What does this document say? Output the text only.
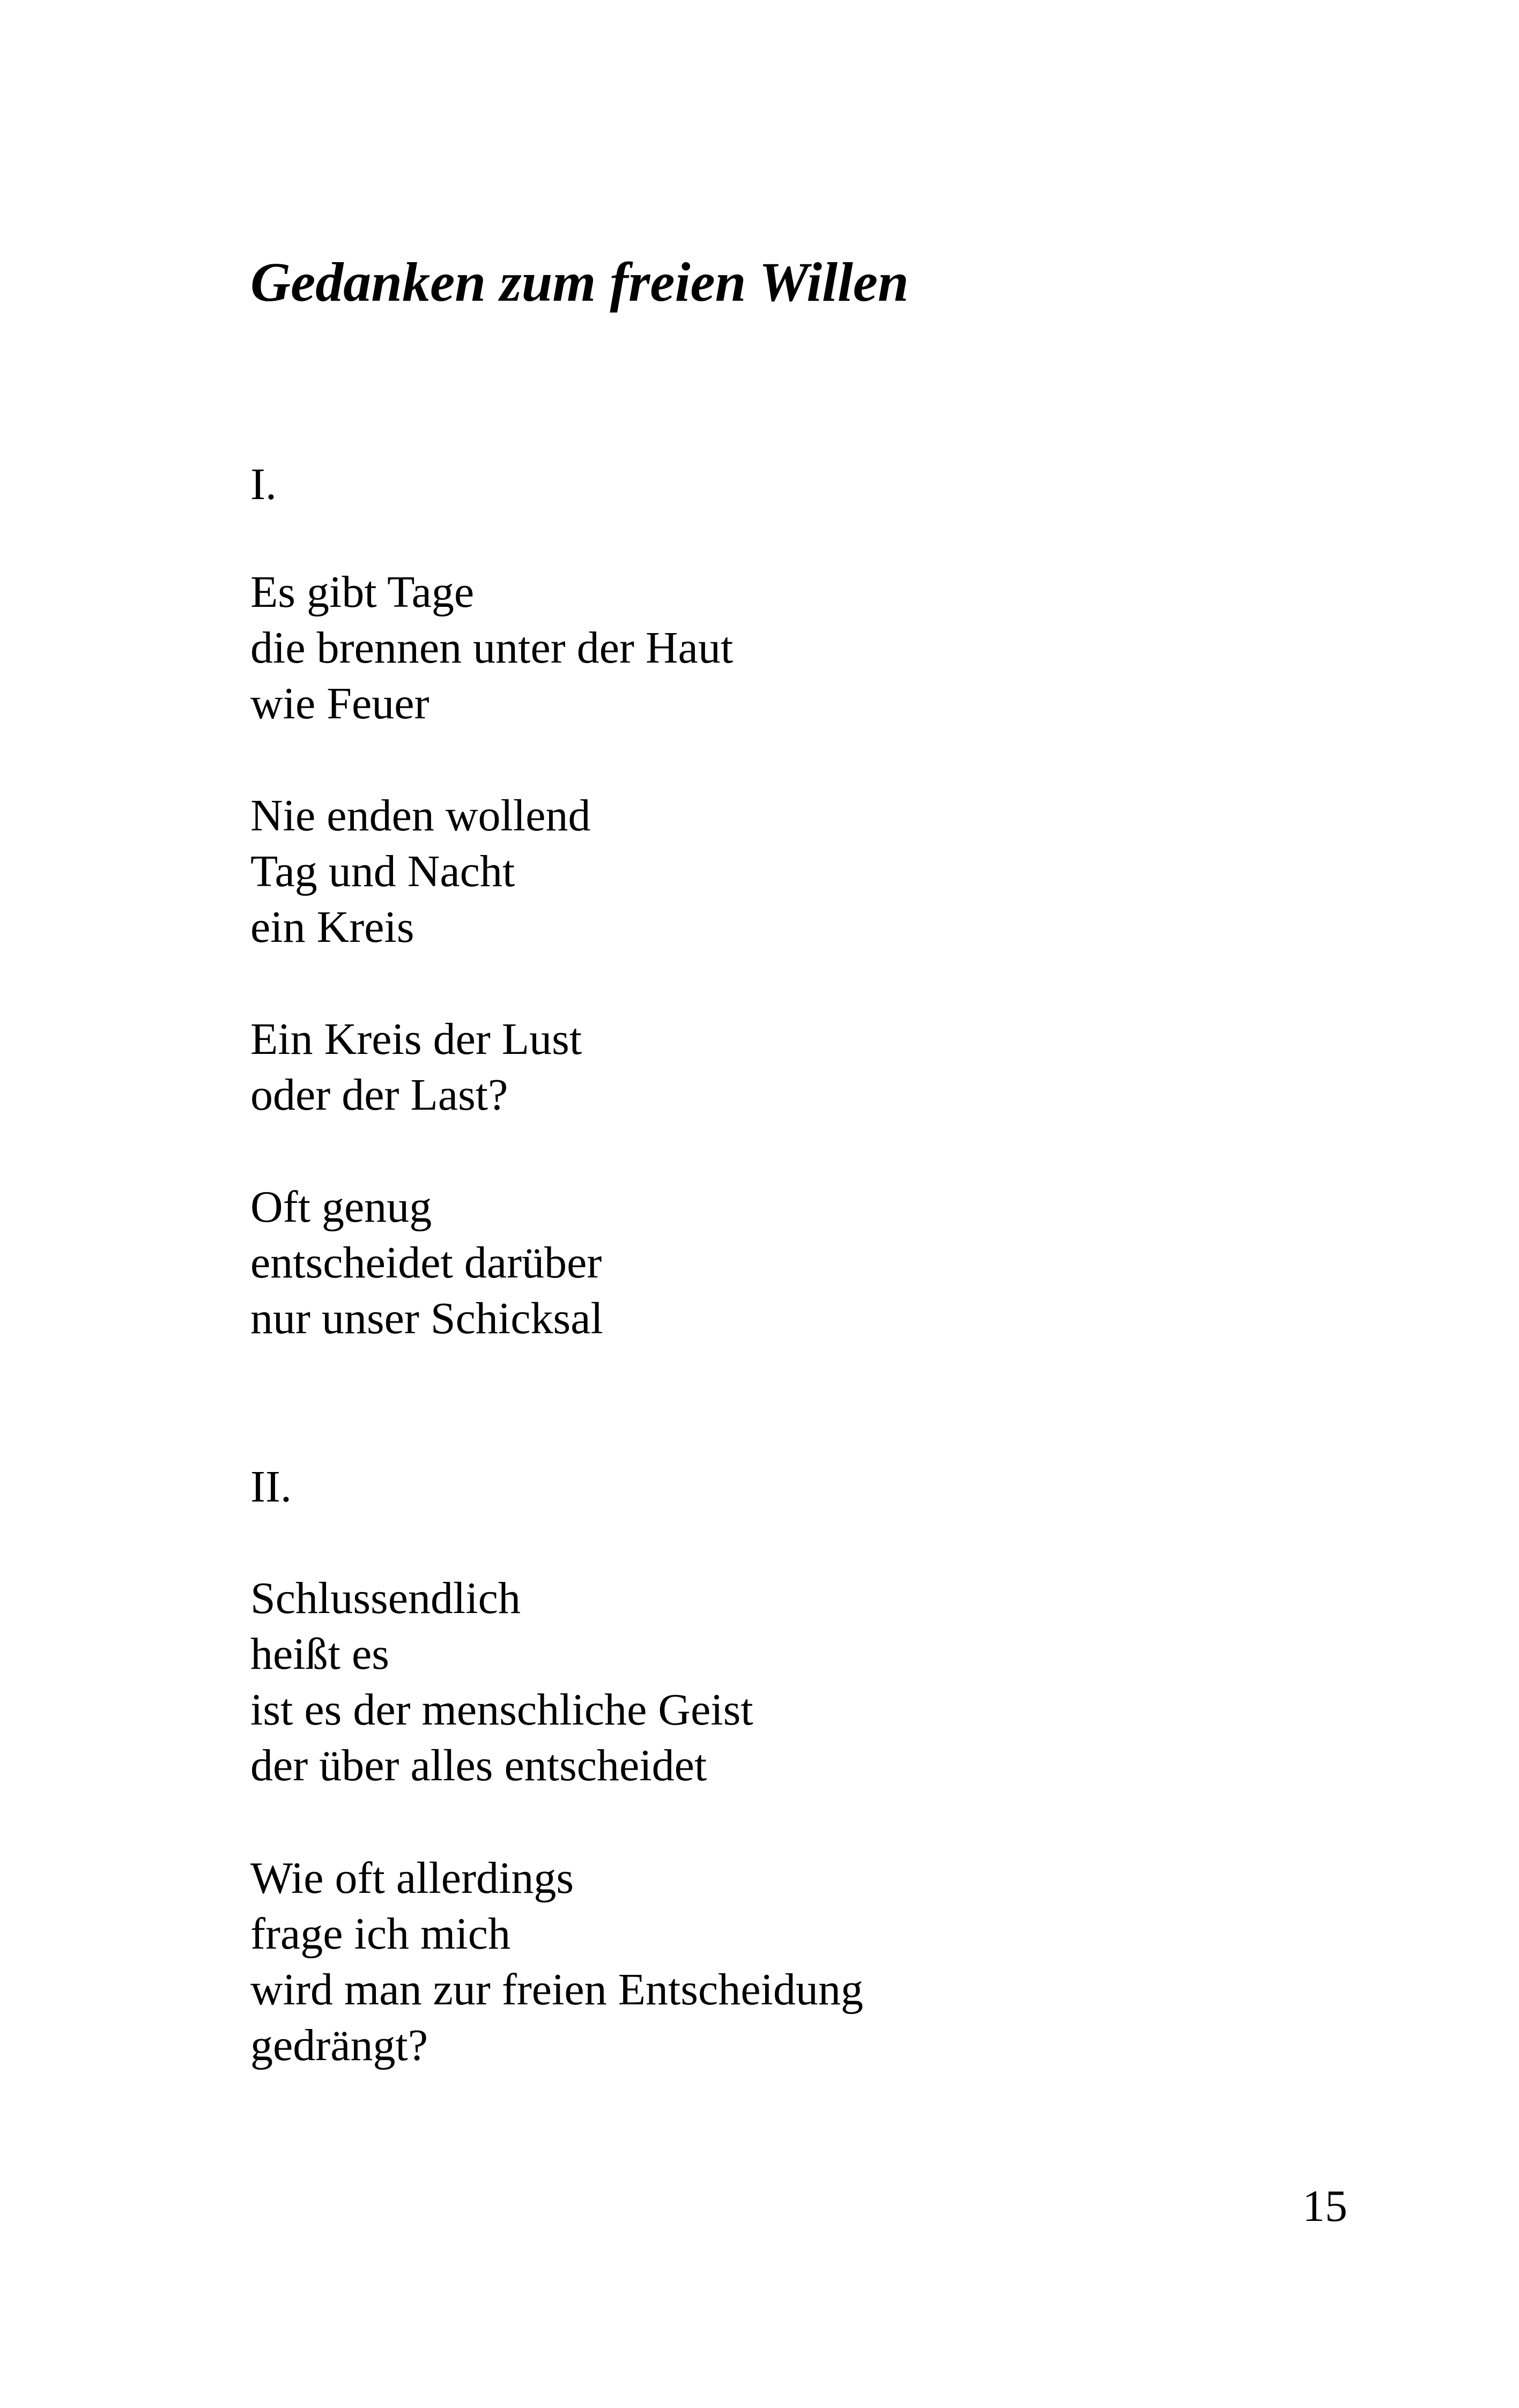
Gedanken zum freien Willen

I.

Es gibt Tage
die brennen unter der Haut
wie Feuer
Nie enden wollend
Tag und Nacht
ein Kreis
Ein Kreis der Lust
oder der Last?
Oft genug
entscheidet darüber
nur unser Schicksal

II.

Schlussendlich
heißt es
ist es der menschliche Geist
der über alles entscheidet
Wie oft allerdings
frage ich mich
wird man zur freien Entscheidung
gedrängt?

15
